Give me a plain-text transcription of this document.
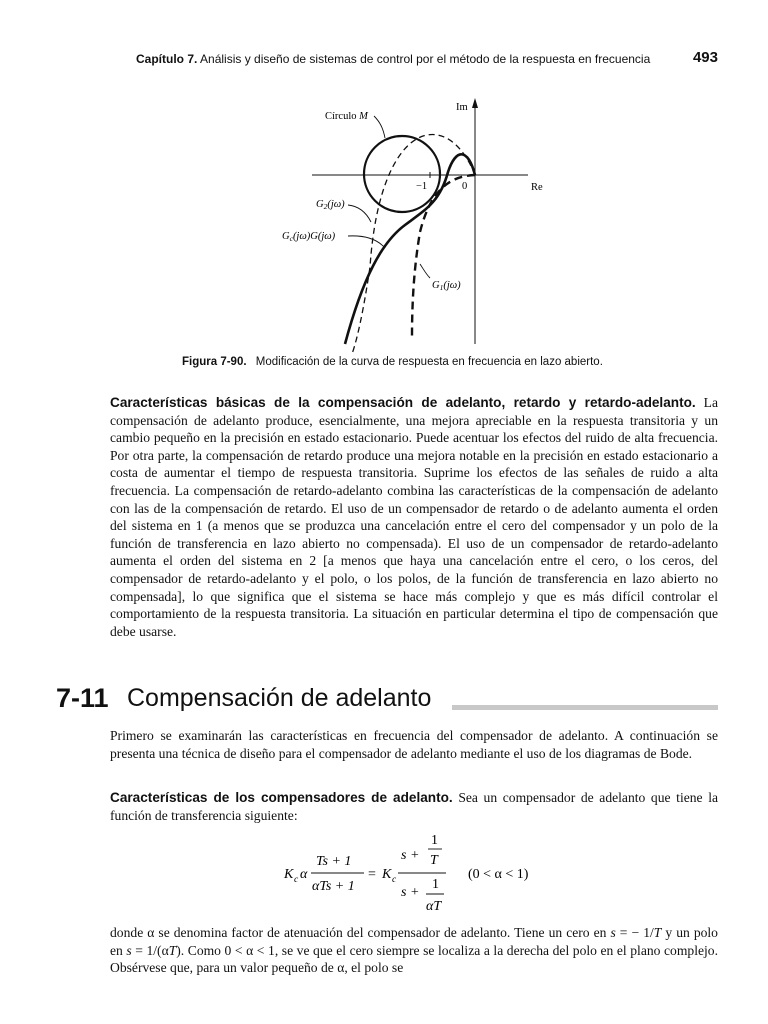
Capítulo 7. Análisis y diseño de sistemas de control por el método de la respuesta en frecuencia	493
Im
Re
−1	0
Círculo M
G2(jω)
Gc(jω)G(jω)
G1(jω)
Figura 7-90. Modificación de la curva de respuesta en frecuencia en lazo abierto.

Características básicas de la compensación de adelanto, retardo y retardo-adelanto. La compensación de adelanto produce, esencialmente, una mejora apreciable en la respuesta transitoria y un cambio pequeño en la precisión en estado estacionario. Puede acentuar los efectos del ruido de alta frecuencia. Por otra parte, la compensación de retardo produce una mejora notable en la precisión en estado estacionario a costa de aumentar el tiempo de respuesta transitoria. Suprime los efectos de las señales de ruido a alta frecuencia. La compensación de retardo-adelanto combina las características de la compensación de adelanto con las de la compensación de retardo. El uso de un compensador de retardo o de adelanto aumenta el orden del sistema en 1 (a menos que se produzca una cancelación entre el cero del compensador y un polo de la función de transferencia en lazo abierto no compensada). El uso de un compensador de retardo-adelanto aumenta el orden del sistema en 2 [a menos que haya una cancelación entre el cero, o los ceros, del compensador de retardo-adelanto y el polo, o los polos, de la función de transferencia en lazo abierto no compensada], lo que significa que el sistema se hace más complejo y que es más difícil controlar el comportamiento de la respuesta transitoria. La situación en particular determina el tipo de compensación que debe usarse.

7-11 Compensación de adelanto

Primero se examinarán las características en frecuencia del compensador de adelanto. A continuación se presenta una técnica de diseño para el compensador de adelanto mediante el uso de los diagramas de Bode.

Características de los compensadores de adelanto. Sea un compensador de adelanto que tiene la función de transferencia siguiente:

K c α
Ts + 1
αTs + 1
= K c
s +
1
T
s +
1
αT
(0 < α < 1)

donde α se denomina factor de atenuación del compensador de adelanto. Tiene un cero en s = − 1/T y un polo en s = 1/(αT). Como 0 < α < 1, se ve que el cero siempre se localiza a la derecha del polo en el plano complejo. Obsérvese que, para un valor pequeño de α, el polo se
